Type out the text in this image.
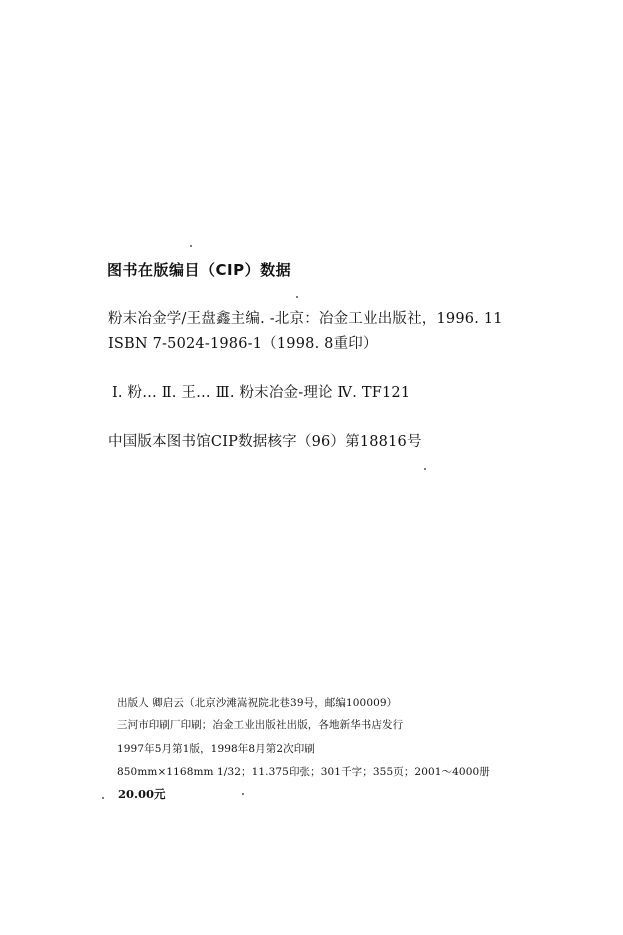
图书在版编目（CIP）数据
粉末冶金学/王盘鑫主编. -北京：冶金工业出版社，1996. 11
ISBN 7-5024-1986-1（1998. 8重印）
Ⅰ. 粉… Ⅱ. 王… Ⅲ. 粉末冶金-理论 Ⅳ. TF121
中国版本图书馆CIP数据核字（96）第18816号
出版人 卿启云（北京沙滩嵩祝院北巷39号，邮编100009）
三河市印刷厂印刷；冶金工业出版社出版，各地新华书店发行
1997年5月第1版，1998年8月第2次印刷
850mm×1168mm 1/32；11.375印张；301千字；355页；2001～4000册
20.00元
